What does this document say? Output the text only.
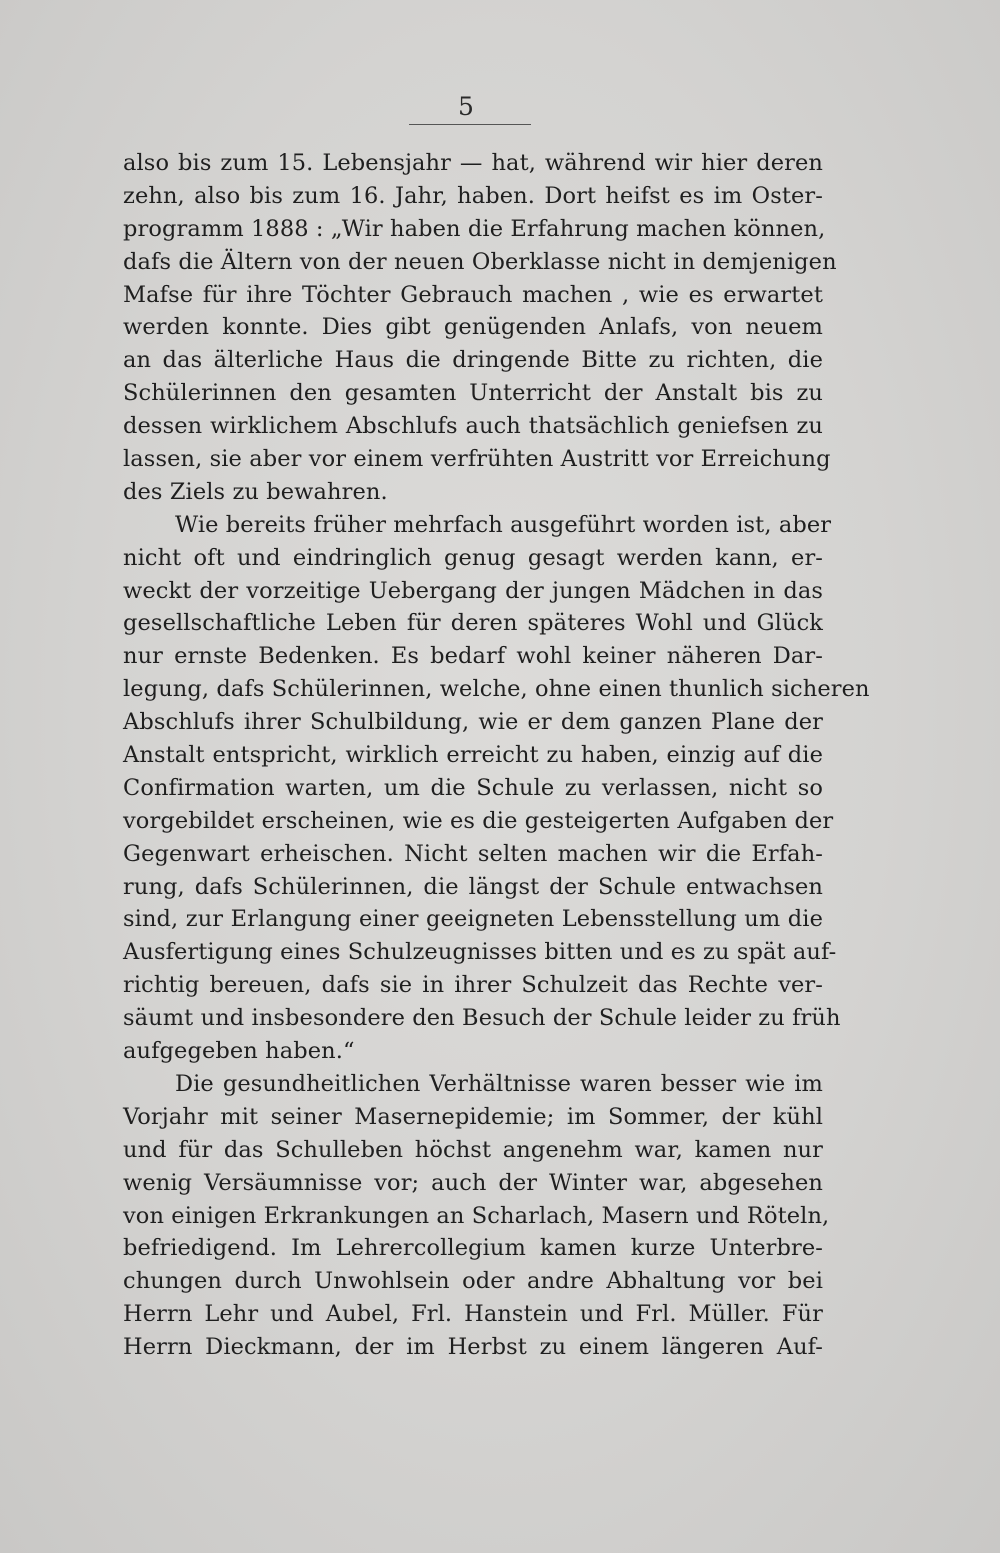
5
also bis zum 15. Lebensjahr — hat, während wir hier deren
zehn, also bis zum 16. Jahr, haben. Dort heifst es im Oster-
programm 1888 : „Wir haben die Erfahrung machen können,
dafs die Ältern von der neuen Oberklasse nicht in demjenigen
Mafse für ihre Töchter Gebrauch machen , wie es erwartet
werden konnte. Dies gibt genügenden Anlafs, von neuem
an das älterliche Haus die dringende Bitte zu richten, die
Schülerinnen den gesamten Unterricht der Anstalt bis zu
dessen wirklichem Abschlufs auch thatsächlich geniefsen zu
lassen, sie aber vor einem verfrühten Austritt vor Erreichung
des Ziels zu bewahren.
Wie bereits früher mehrfach ausgeführt worden ist, aber
nicht oft und eindringlich genug gesagt werden kann, er-
weckt der vorzeitige Uebergang der jungen Mädchen in das
gesellschaftliche Leben für deren späteres Wohl und Glück
nur ernste Bedenken. Es bedarf wohl keiner näheren Dar-
legung, dafs Schülerinnen, welche, ohne einen thunlich sicheren
Abschlufs ihrer Schulbildung, wie er dem ganzen Plane der
Anstalt entspricht, wirklich erreicht zu haben, einzig auf die
Confirmation warten, um die Schule zu verlassen, nicht so
vorgebildet erscheinen, wie es die gesteigerten Aufgaben der
Gegenwart erheischen. Nicht selten machen wir die Erfah-
rung, dafs Schülerinnen, die längst der Schule entwachsen
sind, zur Erlangung einer geeigneten Lebensstellung um die
Ausfertigung eines Schulzeugnisses bitten und es zu spät auf-
richtig bereuen, dafs sie in ihrer Schulzeit das Rechte ver-
säumt und insbesondere den Besuch der Schule leider zu früh
aufgegeben haben.“
Die gesundheitlichen Verhältnisse waren besser wie im
Vorjahr mit seiner Masernepidemie; im Sommer, der kühl
und für das Schulleben höchst angenehm war, kamen nur
wenig Versäumnisse vor; auch der Winter war, abgesehen
von einigen Erkrankungen an Scharlach, Masern und Röteln,
befriedigend. Im Lehrercollegium kamen kurze Unterbre-
chungen durch Unwohlsein oder andre Abhaltung vor bei
Herrn Lehr und Aubel, Frl. Hanstein und Frl. Müller. Für
Herrn Dieckmann, der im Herbst zu einem längeren Auf-
